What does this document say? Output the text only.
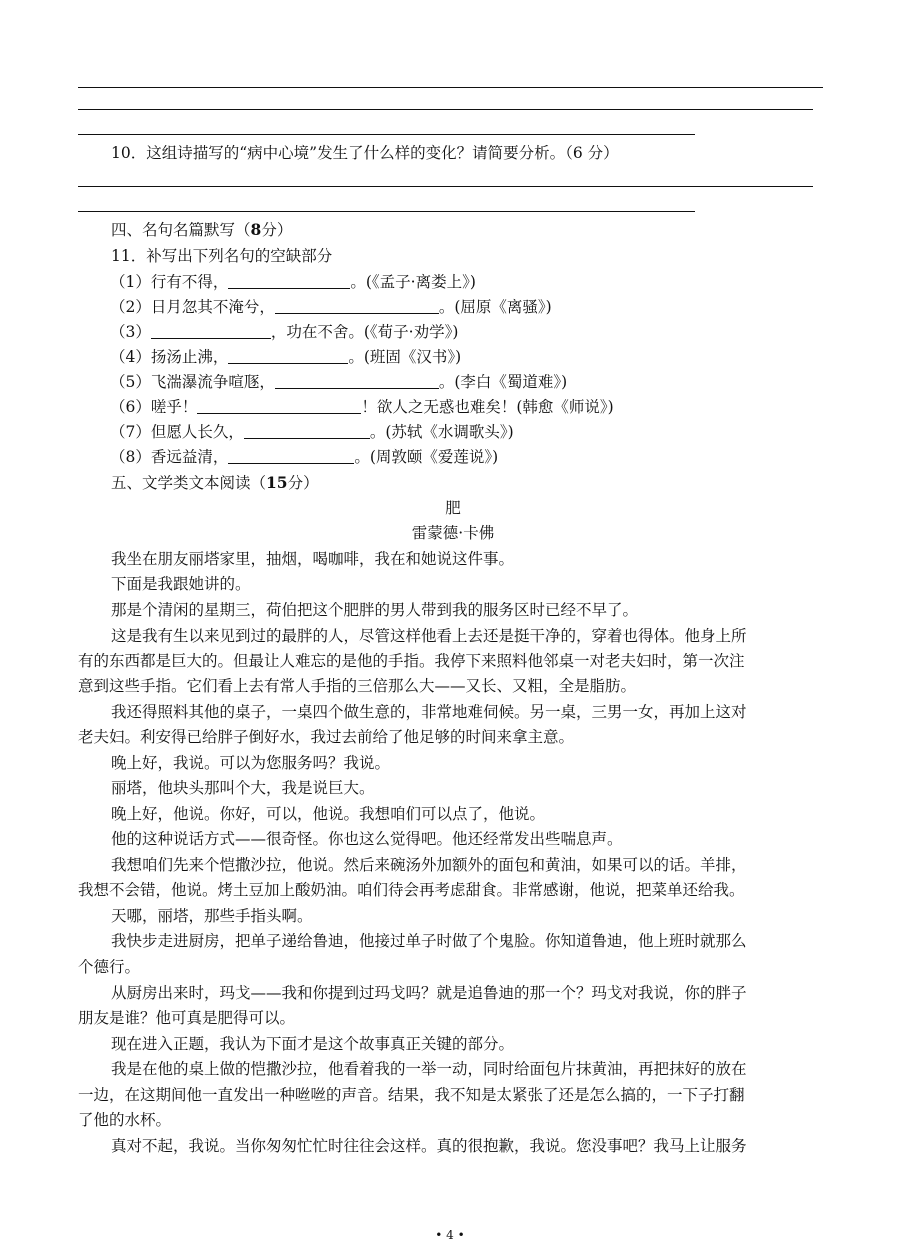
10．这组诗描写的“病中心境”发生了什么样的变化？请简要分析。（6 分）
四、名句名篇默写（8分）
11．补写出下列名句的空缺部分
（1）行有不得，	。(《孟子·离娄上》)
（2）日月忽其不淹兮，	。(屈原《离骚》)
（3）	，功在不舍。(《荀子·劝学》)
（4）扬汤止沸，	。(班固《汉书》)
（5）飞湍瀑流争喧豗，	。(李白《蜀道难》)
（6）嗟乎！	！欲人之无惑也难矣！(韩愈《师说》)
（7）但愿人长久，	。(苏轼《水调歌头》)
（8）香远益清，	。(周敦颐《爱莲说》)
五、文学类文本阅读（15分）
肥
雷蒙德·卡佛
我坐在朋友丽塔家里，抽烟，喝咖啡，我在和她说这件事。
下面是我跟她讲的。
那是个清闲的星期三，荷伯把这个肥胖的男人带到我的服务区时已经不早了。
这是我有生以来见到过的最胖的人，尽管这样他看上去还是挺干净的，穿着也得体。他身上所
有的东西都是巨大的。但最让人难忘的是他的手指。我停下来照料他邻桌一对老夫妇时，第一次注
意到这些手指。它们看上去有常人手指的三倍那么大——又长、又粗，全是脂肪。
我还得照料其他的桌子，一桌四个做生意的，非常地难伺候。另一桌，三男一女，再加上这对
老夫妇。利安得已给胖子倒好水，我过去前给了他足够的时间来拿主意。
晚上好，我说。可以为您服务吗？我说。
丽塔，他块头那叫个大，我是说巨大。
晚上好，他说。你好，可以，他说。我想咱们可以点了，他说。
他的这种说话方式——很奇怪。你也这么觉得吧。他还经常发出些喘息声。
我想咱们先来个恺撒沙拉，他说。然后来碗汤外加额外的面包和黄油，如果可以的话。羊排，
我想不会错，他说。烤土豆加上酸奶油。咱们待会再考虑甜食。非常感谢，他说，把菜单还给我。
天哪，丽塔，那些手指头啊。
我快步走进厨房，把单子递给鲁迪，他接过单子时做了个鬼脸。你知道鲁迪，他上班时就那么
个德行。
从厨房出来时，玛戈——我和你提到过玛戈吗？就是追鲁迪的那一个？玛戈对我说，你的胖子
朋友是谁？他可真是肥得可以。
现在进入正题，我认为下面才是这个故事真正关键的部分。
我是在他的桌上做的恺撒沙拉，他看着我的一举一动，同时给面包片抹黄油，再把抹好的放在
一边，在这期间他一直发出一种咝咝的声音。结果，我不知是太紧张了还是怎么搞的，一下子打翻
了他的水杯。
真对不起，我说。当你匆匆忙忙时往往会这样。真的很抱歉，我说。您没事吧？我马上让服务
• 4 •
